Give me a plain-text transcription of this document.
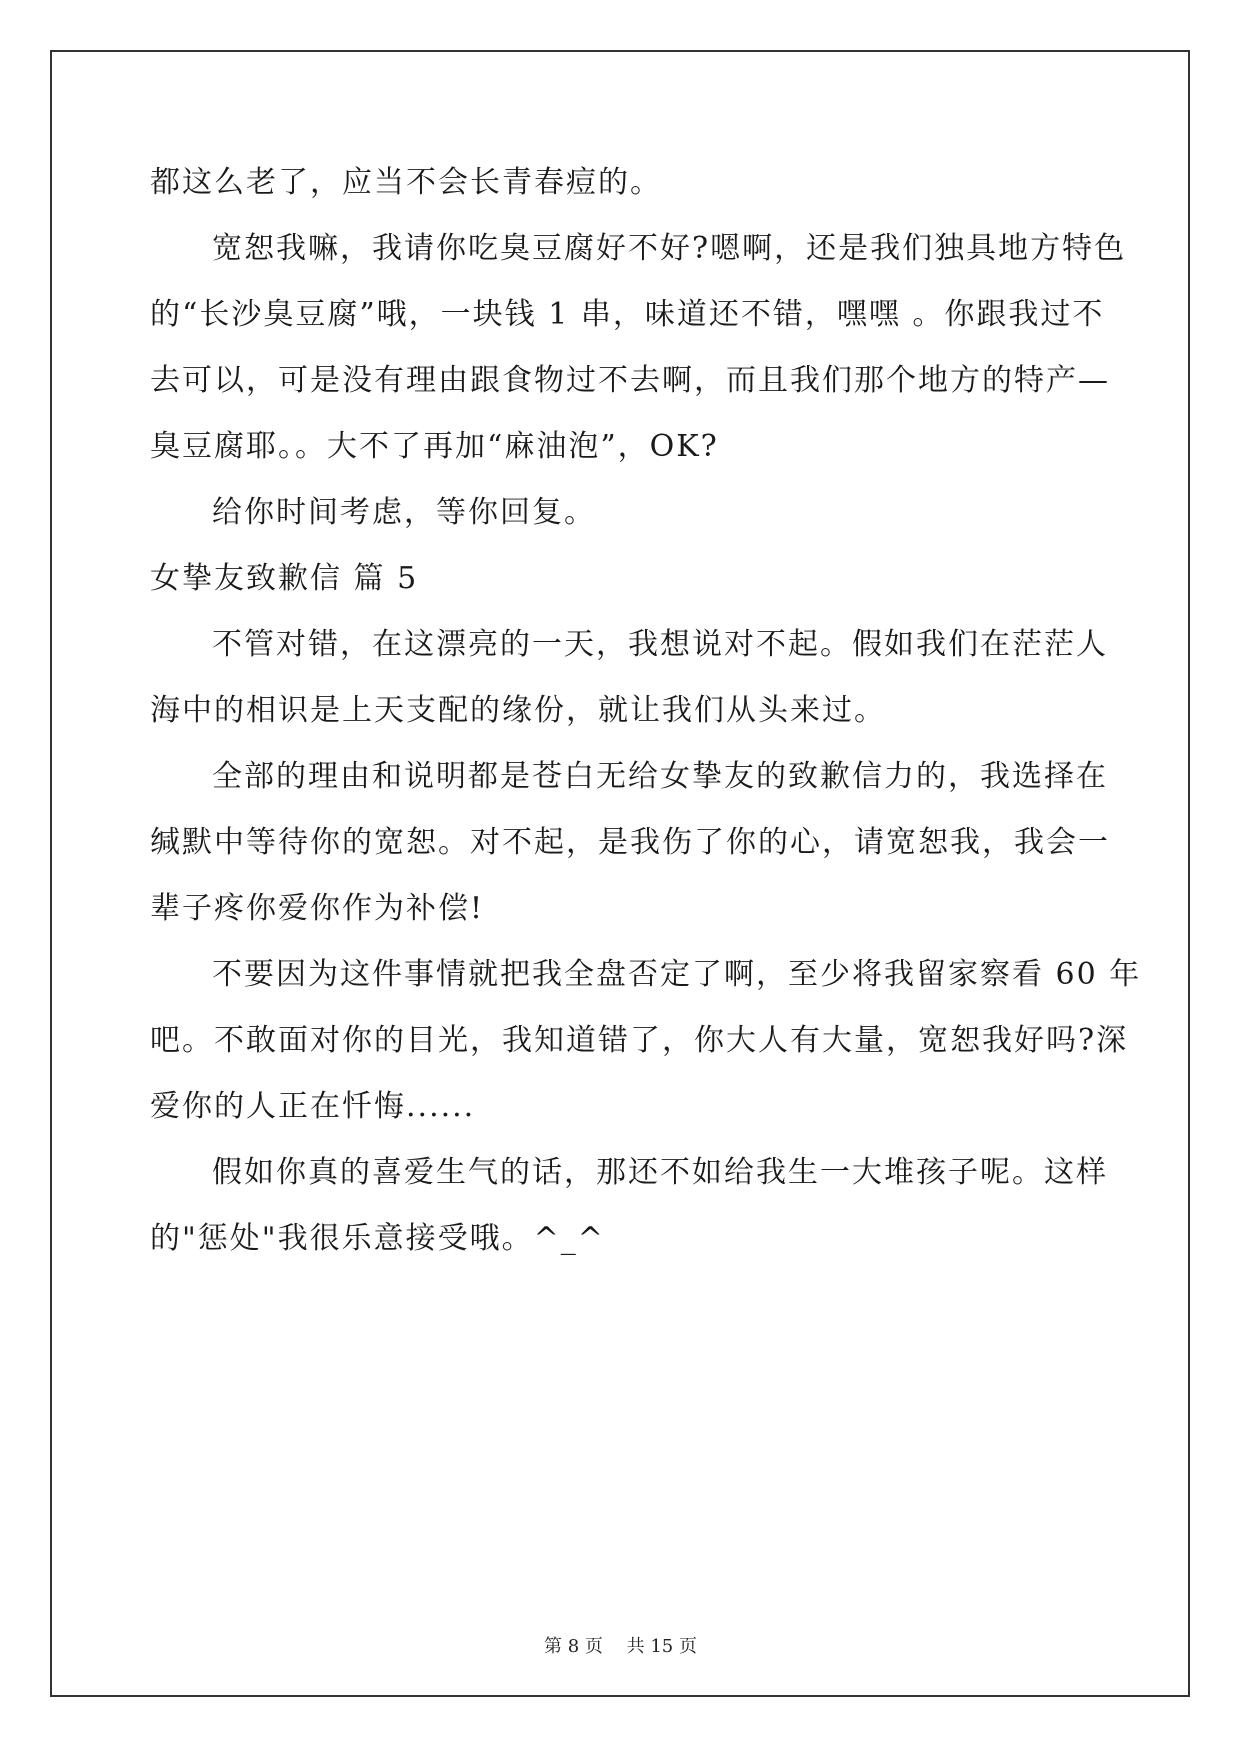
都这么老了，应当不会长青春痘的。
宽恕我嘛，我请你吃臭豆腐好不好?嗯啊，还是我们独具地方特色
的“长沙臭豆腐”哦，一块钱 1 串，味道还不错，嘿嘿 。你跟我过不
去可以，可是没有理由跟食物过不去啊，而且我们那个地方的特产—
臭豆腐耶。。大不了再加“麻油泡”，OK?
给你时间考虑，等你回复。
女挚友致歉信 篇 5
不管对错，在这漂亮的一天，我想说对不起。假如我们在茫茫人
海中的相识是上天支配的缘份，就让我们从头来过。
全部的理由和说明都是苍白无给女挚友的致歉信力的，我选择在
缄默中等待你的宽恕。对不起，是我伤了你的心，请宽恕我，我会一
辈子疼你爱你作为补偿!
不要因为这件事情就把我全盘否定了啊，至少将我留家察看 60 年
吧。不敢面对你的目光，我知道错了，你大人有大量，宽恕我好吗?深
爱你的人正在忏悔......
假如你真的喜爱生气的话，那还不如给我生一大堆孩子呢。这样
的"惩处"我很乐意接受哦。^_^
第 8 页　 共 15 页
